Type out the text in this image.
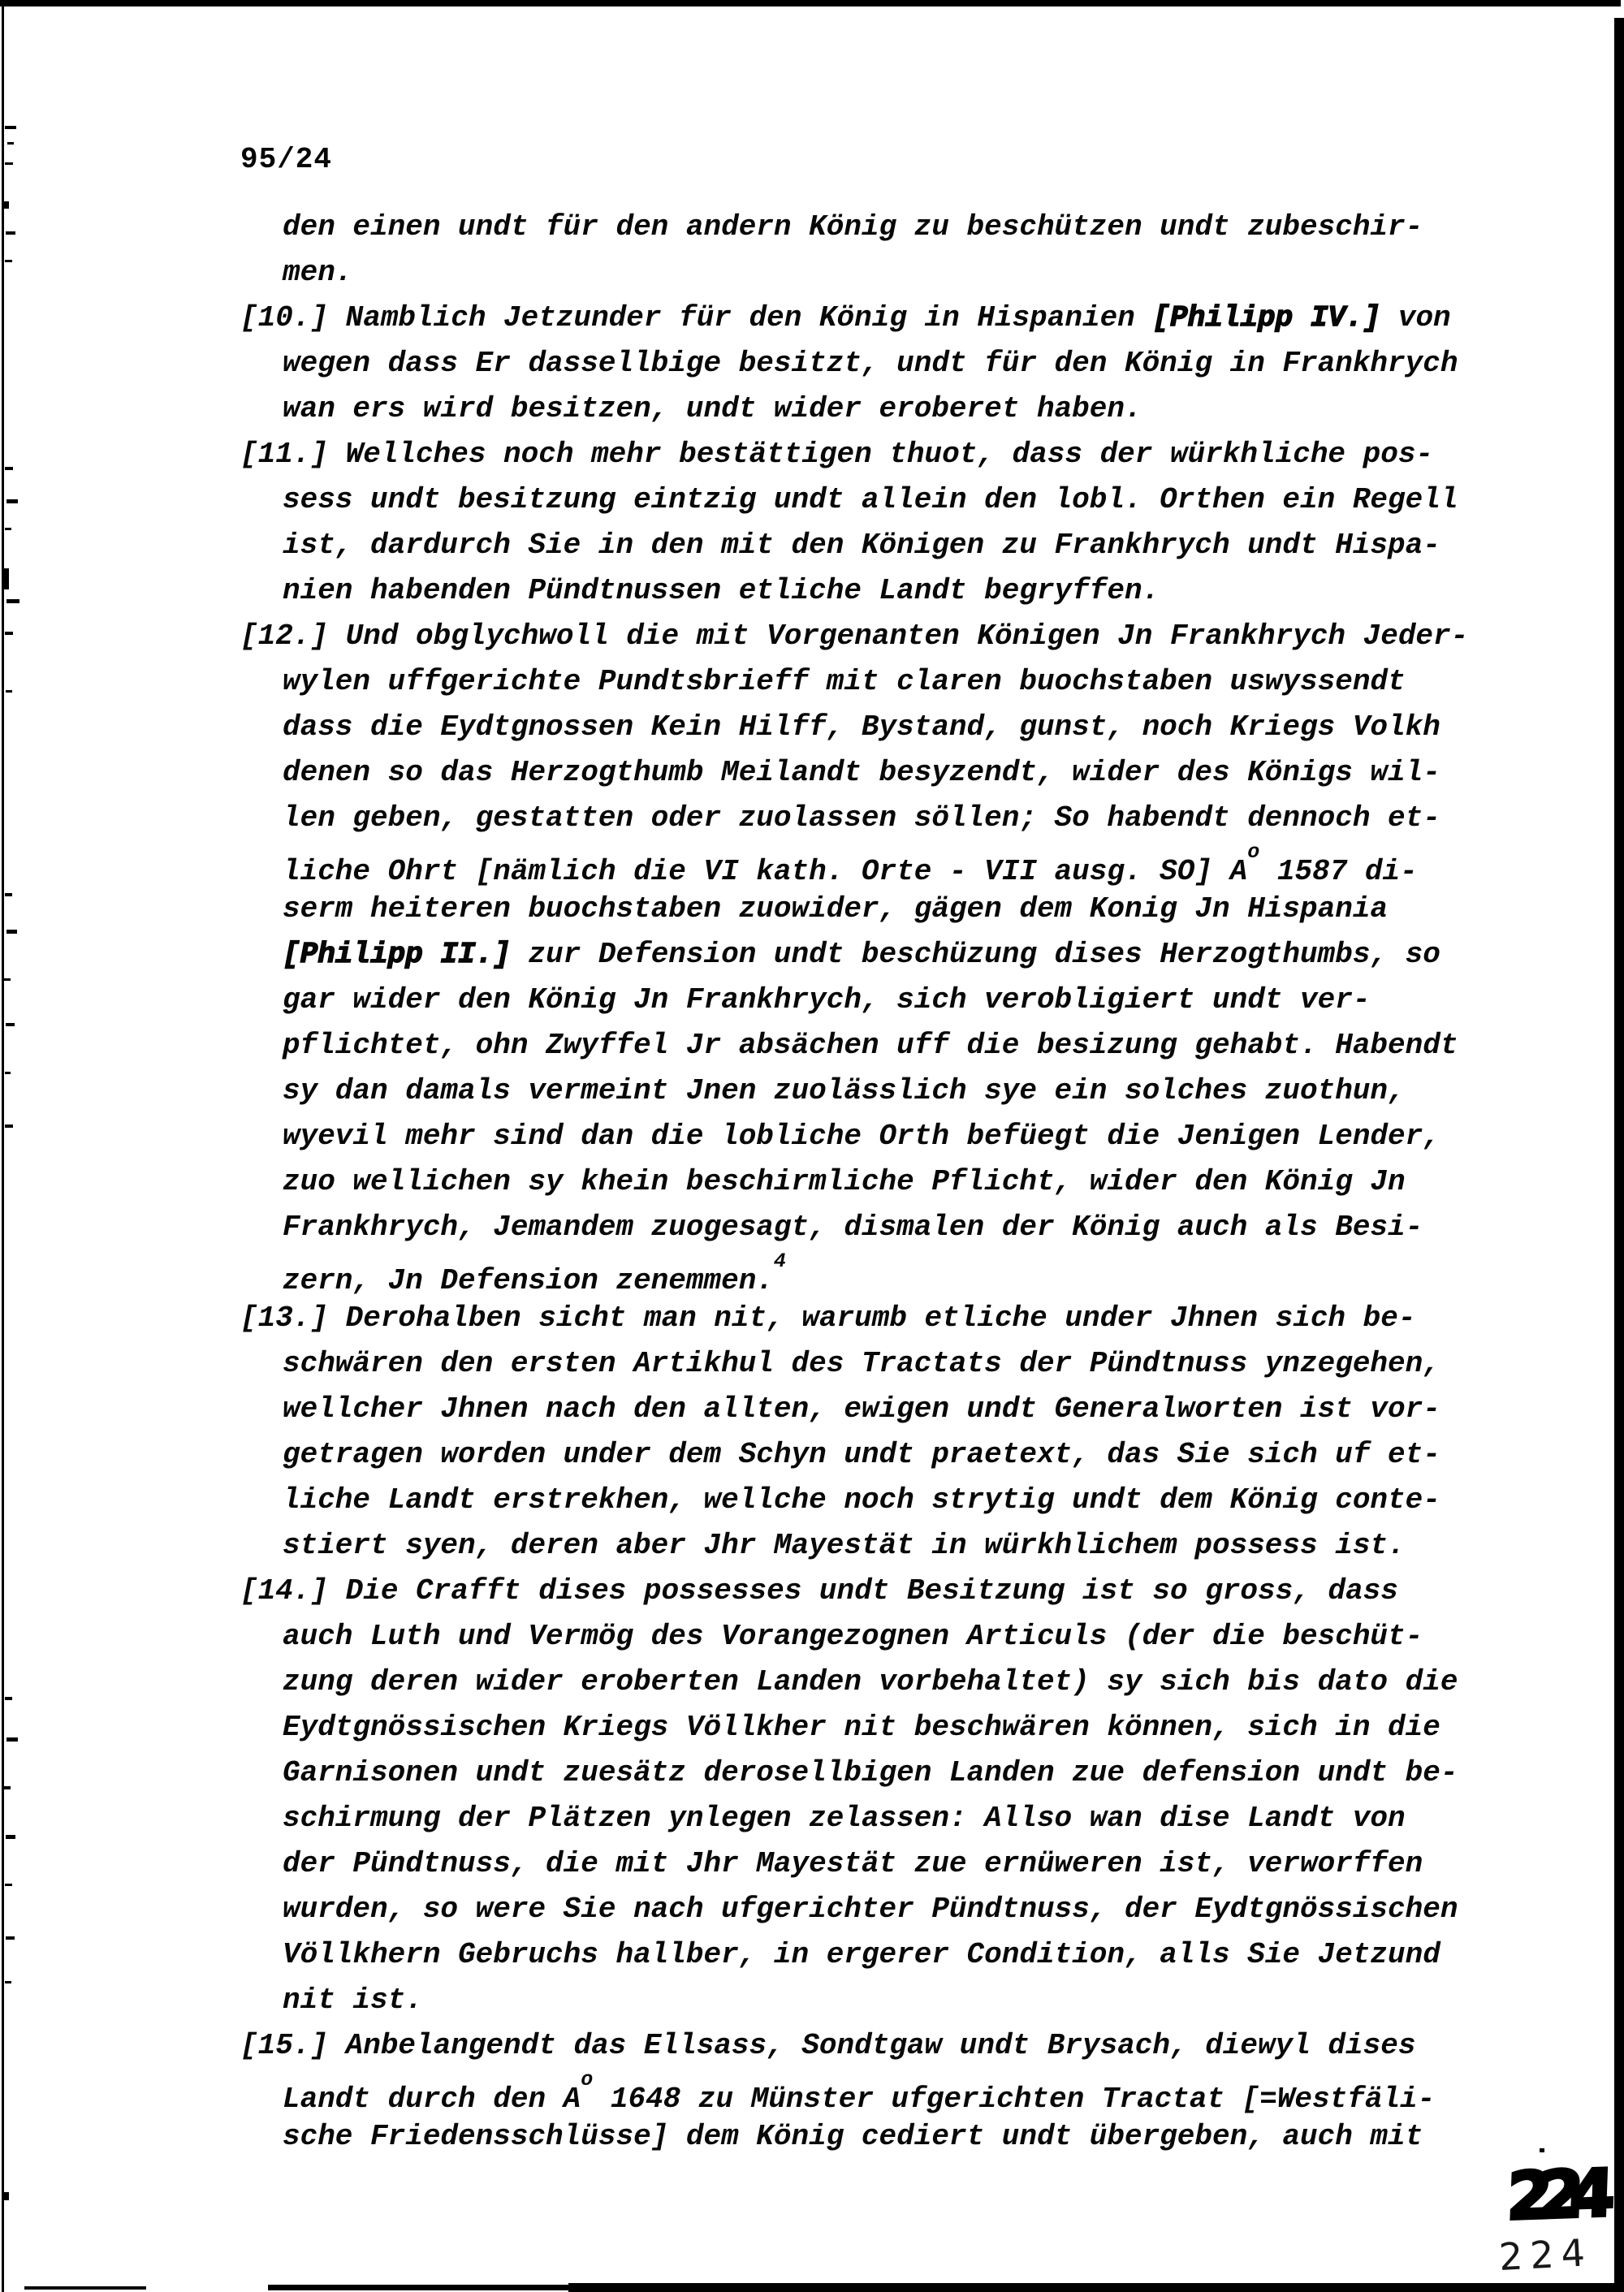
95/24
den einen undt für den andern König zu beschützen undt zubeschir-
men.
[10.] Namblich Jetzunder für den König in Hispanien [Philipp IV.] von
wegen dass Er dassellbige besitzt, undt für den König in Frankhrych
wan ers wird besitzen, undt wider eroberet haben.
[11.] Wellches noch mehr bestättigen thuot, dass der würkhliche pos-
sess undt besitzung eintzig undt allein den lobl. Orthen ein Regell
ist, dardurch Sie in den mit den Königen zu Frankhrych undt Hispa-
nien habenden Pündtnussen etliche Landt begryffen.
[12.] Und obglychwoll die mit Vorgenanten Königen Jn Frankhrych Jeder-
wylen uffgerichte Pundtsbrieff mit claren buochstaben uswyssendt
dass die Eydtgnossen Kein Hilff, Bystand, gunst, noch Kriegs Volkh
denen so das Herzogthumb Meilandt besyzendt, wider des Königs wil-
len geben, gestatten oder zuolassen söllen; So habendt dennoch et-
liche Ohrt [nämlich die VI kath. Orte - VII ausg. SO] $A^o$ 1587 di-
serm heiteren buochstaben zuowider, gägen dem Konig Jn Hispania
[Philipp II.] zur Defension undt beschüzung dises Herzogthumbs, so
gar wider den König Jn Frankhrych, sich verobligiert undt ver-
pflichtet, ohn Zwyffel Jr absächen uff die besizung gehabt. Habendt
sy dan damals vermeint Jnen zuolässlich sye ein solches zuothun,
wyevil mehr sind dan die lobliche Orth befüegt die Jenigen Lender,
zuo wellichen sy khein beschirmliche Pflicht, wider den König Jn
Frankhrych, Jemandem zuogesagt, dismalen der König auch als Besi-
zern, Jn Defension zenemmen.$^4$
[13.] Derohalben sicht man nit, warumb etliche under Jhnen sich be-
schwären den ersten Artikhul des Tractats der Pündtnuss ynzegehen,
wellcher Jhnen nach den allten, ewigen undt Generalworten ist vor-
getragen worden under dem Schyn undt praetext, das Sie sich uf et-
liche Landt erstrekhen, wellche noch strytig undt dem König conte-
stiert syen, deren aber Jhr Mayestät in würkhlichem possess ist.
[14.] Die Crafft dises possesses undt Besitzung ist so gross, dass
auch Luth und Vermög des Vorangezognen Articuls (der die beschüt-
zung deren wider eroberten Landen vorbehaltet) sy sich bis dato die
Eydtgnössischen Kriegs Völlkher nit beschwären können, sich in die
Garnisonen undt zuesätz derosellbigen Landen zue defension undt be-
schirmung der Plätzen ynlegen zelassen: Allso wan dise Landt von
der Pündtnuss, die mit Jhr Mayestät zue ernüweren ist, verworffen
wurden, so were Sie nach ufgerichter Pündtnuss, der Eydtgnössischen
Völlkhern Gebruchs hallber, in ergerer Condition, alls Sie Jetzund
nit ist.
[15.] Anbelangendt das Ellsass, Sondtgaw undt Brysach, diewyl dises
Landt durch den $A^o$ 1648 zu Münster ufgerichten Tractat [=Westfäli-
sche Friedensschlüsse] dem König cediert undt übergeben, auch mit
224
224
